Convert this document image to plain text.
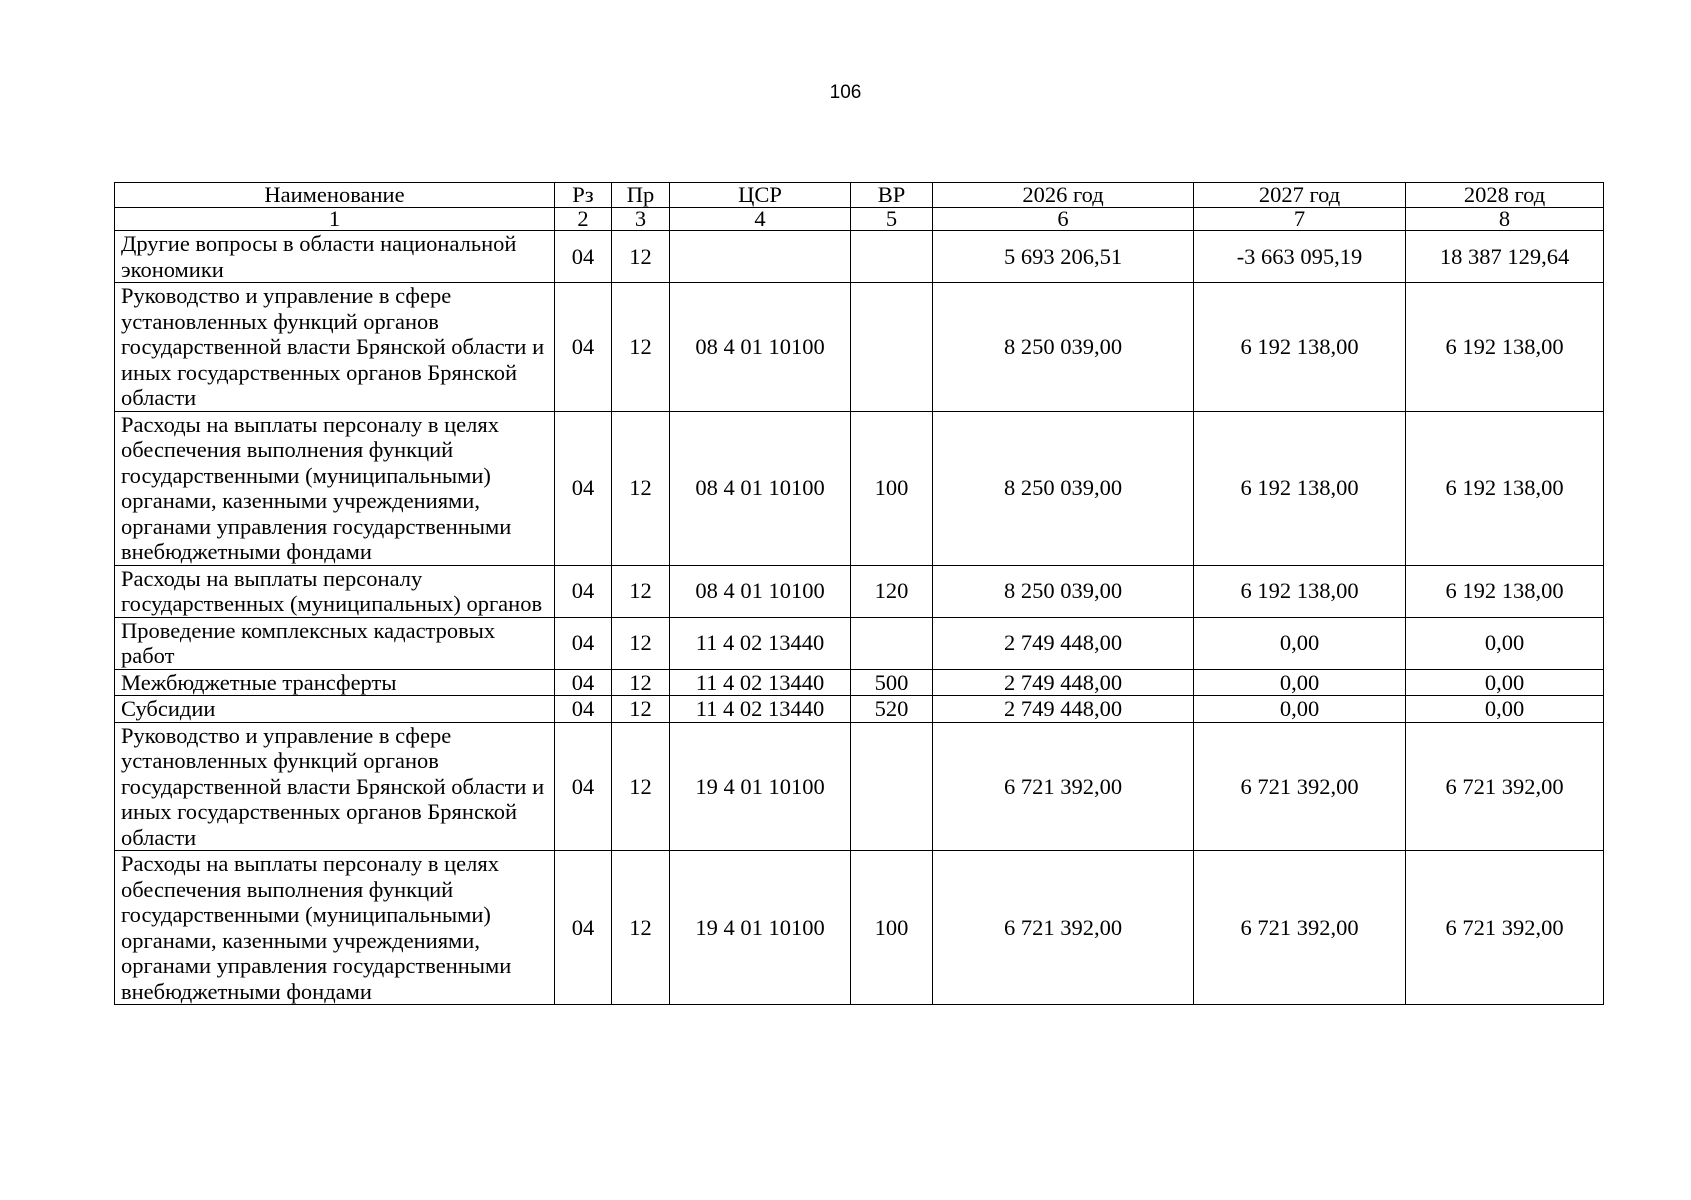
106
Наименование	Рз	Пр	ЦСР	ВР	2026 год	2027 год	2028 год
1	2	3	4	5	6	7	8
Другие вопросы в области национальной экономики	04	12			5 693 206,51	-3 663 095,19	18 387 129,64
Руководство и управление в сфере установленных функций органов государственной власти Брянской области и иных государственных органов Брянской области	04	12	08 4 01 10100		8 250 039,00	6 192 138,00	6 192 138,00
Расходы на выплаты персоналу в целях обеспечения выполнения функций государственными (муниципальными) органами, казенными учреждениями, органами управления государственными внебюджетными фондами	04	12	08 4 01 10100	100	8 250 039,00	6 192 138,00	6 192 138,00
Расходы на выплаты персоналу государственных (муниципальных) органов	04	12	08 4 01 10100	120	8 250 039,00	6 192 138,00	6 192 138,00
Проведение комплексных кадастровых работ	04	12	11 4 02 13440		2 749 448,00	0,00	0,00
Межбюджетные трансферты	04	12	11 4 02 13440	500	2 749 448,00	0,00	0,00
Субсидии	04	12	11 4 02 13440	520	2 749 448,00	0,00	0,00
Руководство и управление в сфере установленных функций органов государственной власти Брянской области и иных государственных органов Брянской области	04	12	19 4 01 10100		6 721 392,00	6 721 392,00	6 721 392,00
Расходы на выплаты персоналу в целях обеспечения выполнения функций государственными (муниципальными) органами, казенными учреждениями, органами управления государственными внебюджетными фондами	04	12	19 4 01 10100	100	6 721 392,00	6 721 392,00	6 721 392,00
